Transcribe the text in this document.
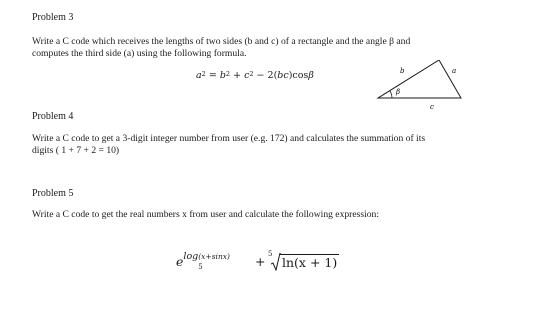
Problem 3
Write a C code which receives the lengths of two sides (b and c) of a rectangle and the angle β and
computes the third side (a) using the following formula.
$a^2 = b^2 + c^2 - 2(bc)\cos\beta$	b	a
β
c
Problem 4
Write a C code to get a 3-digit integer number from user (e.g. 172) and calculates the summation of its
digits ( 1 + 7 + 2 = 10)
Problem 5
Write a C code to get the real numbers x from user and calculate the following expression:
$e^{log (x+sinx) 5}$	+ 5
ln(x + 1)
